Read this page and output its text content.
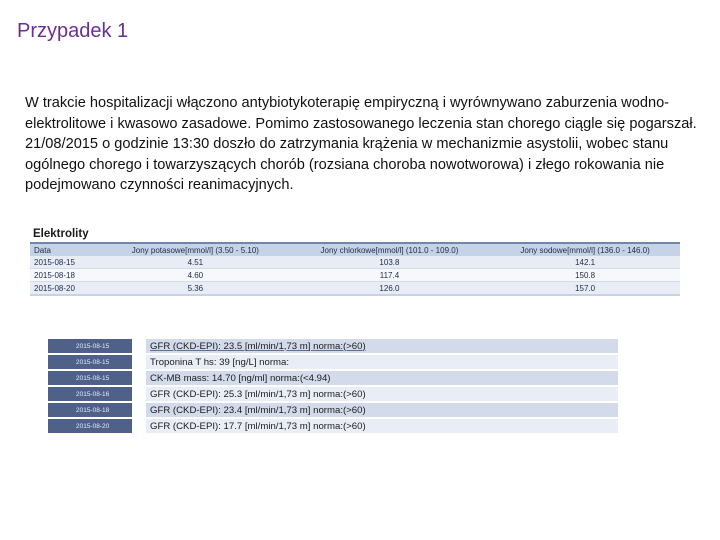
Przypadek 1

W trakcie hospitalizacji włączono antybiotykoterapię empiryczną i wyrównywano zaburzenia wodno-elektrolitowe i kwasowo zasadowe. Pomimo zastosowanego leczenia stan chorego ciągle się pogarszał. 21/08/2015 o godzinie 13:30 doszło do zatrzymania krążenia w mechanizmie asystolii, wobec stanu ogólnego chorego i towarzyszących chorób (rozsiana choroba nowotworowa) i złego rokowania nie podejmowano czynności reanimacyjnych.

Elektrolity
Data	Jony potasowe[mmol/l] (3.50 - 5.10)	Jony chlorkowe[mmol/l] (101.0 - 109.0)	Jony sodowe[mmol/l] (136.0 - 146.0)
2015-08-15	4.51	103.8	142.1
2015-08-18	4.60	117.4	150.8
2015-08-20	5.36	126.0	157.0
2015-08-15		GFR (CKD-EPI): 23.5 [ml/min/1,73 m] norma:(>60)
2015-08-15		Troponina T hs: 39 [ng/L] norma:
2015-08-15		CK-MB mass: 14.70 [ng/ml] norma:(<4.94)
2015-08-16		GFR (CKD-EPI): 25.3 [ml/min/1,73 m] norma:(>60)
2015-08-18		GFR (CKD-EPI): 23.4 [ml/min/1,73 m] norma:(>60)
2015-08-20		GFR (CKD-EPI): 17.7 [ml/min/1,73 m] norma:(>60)
